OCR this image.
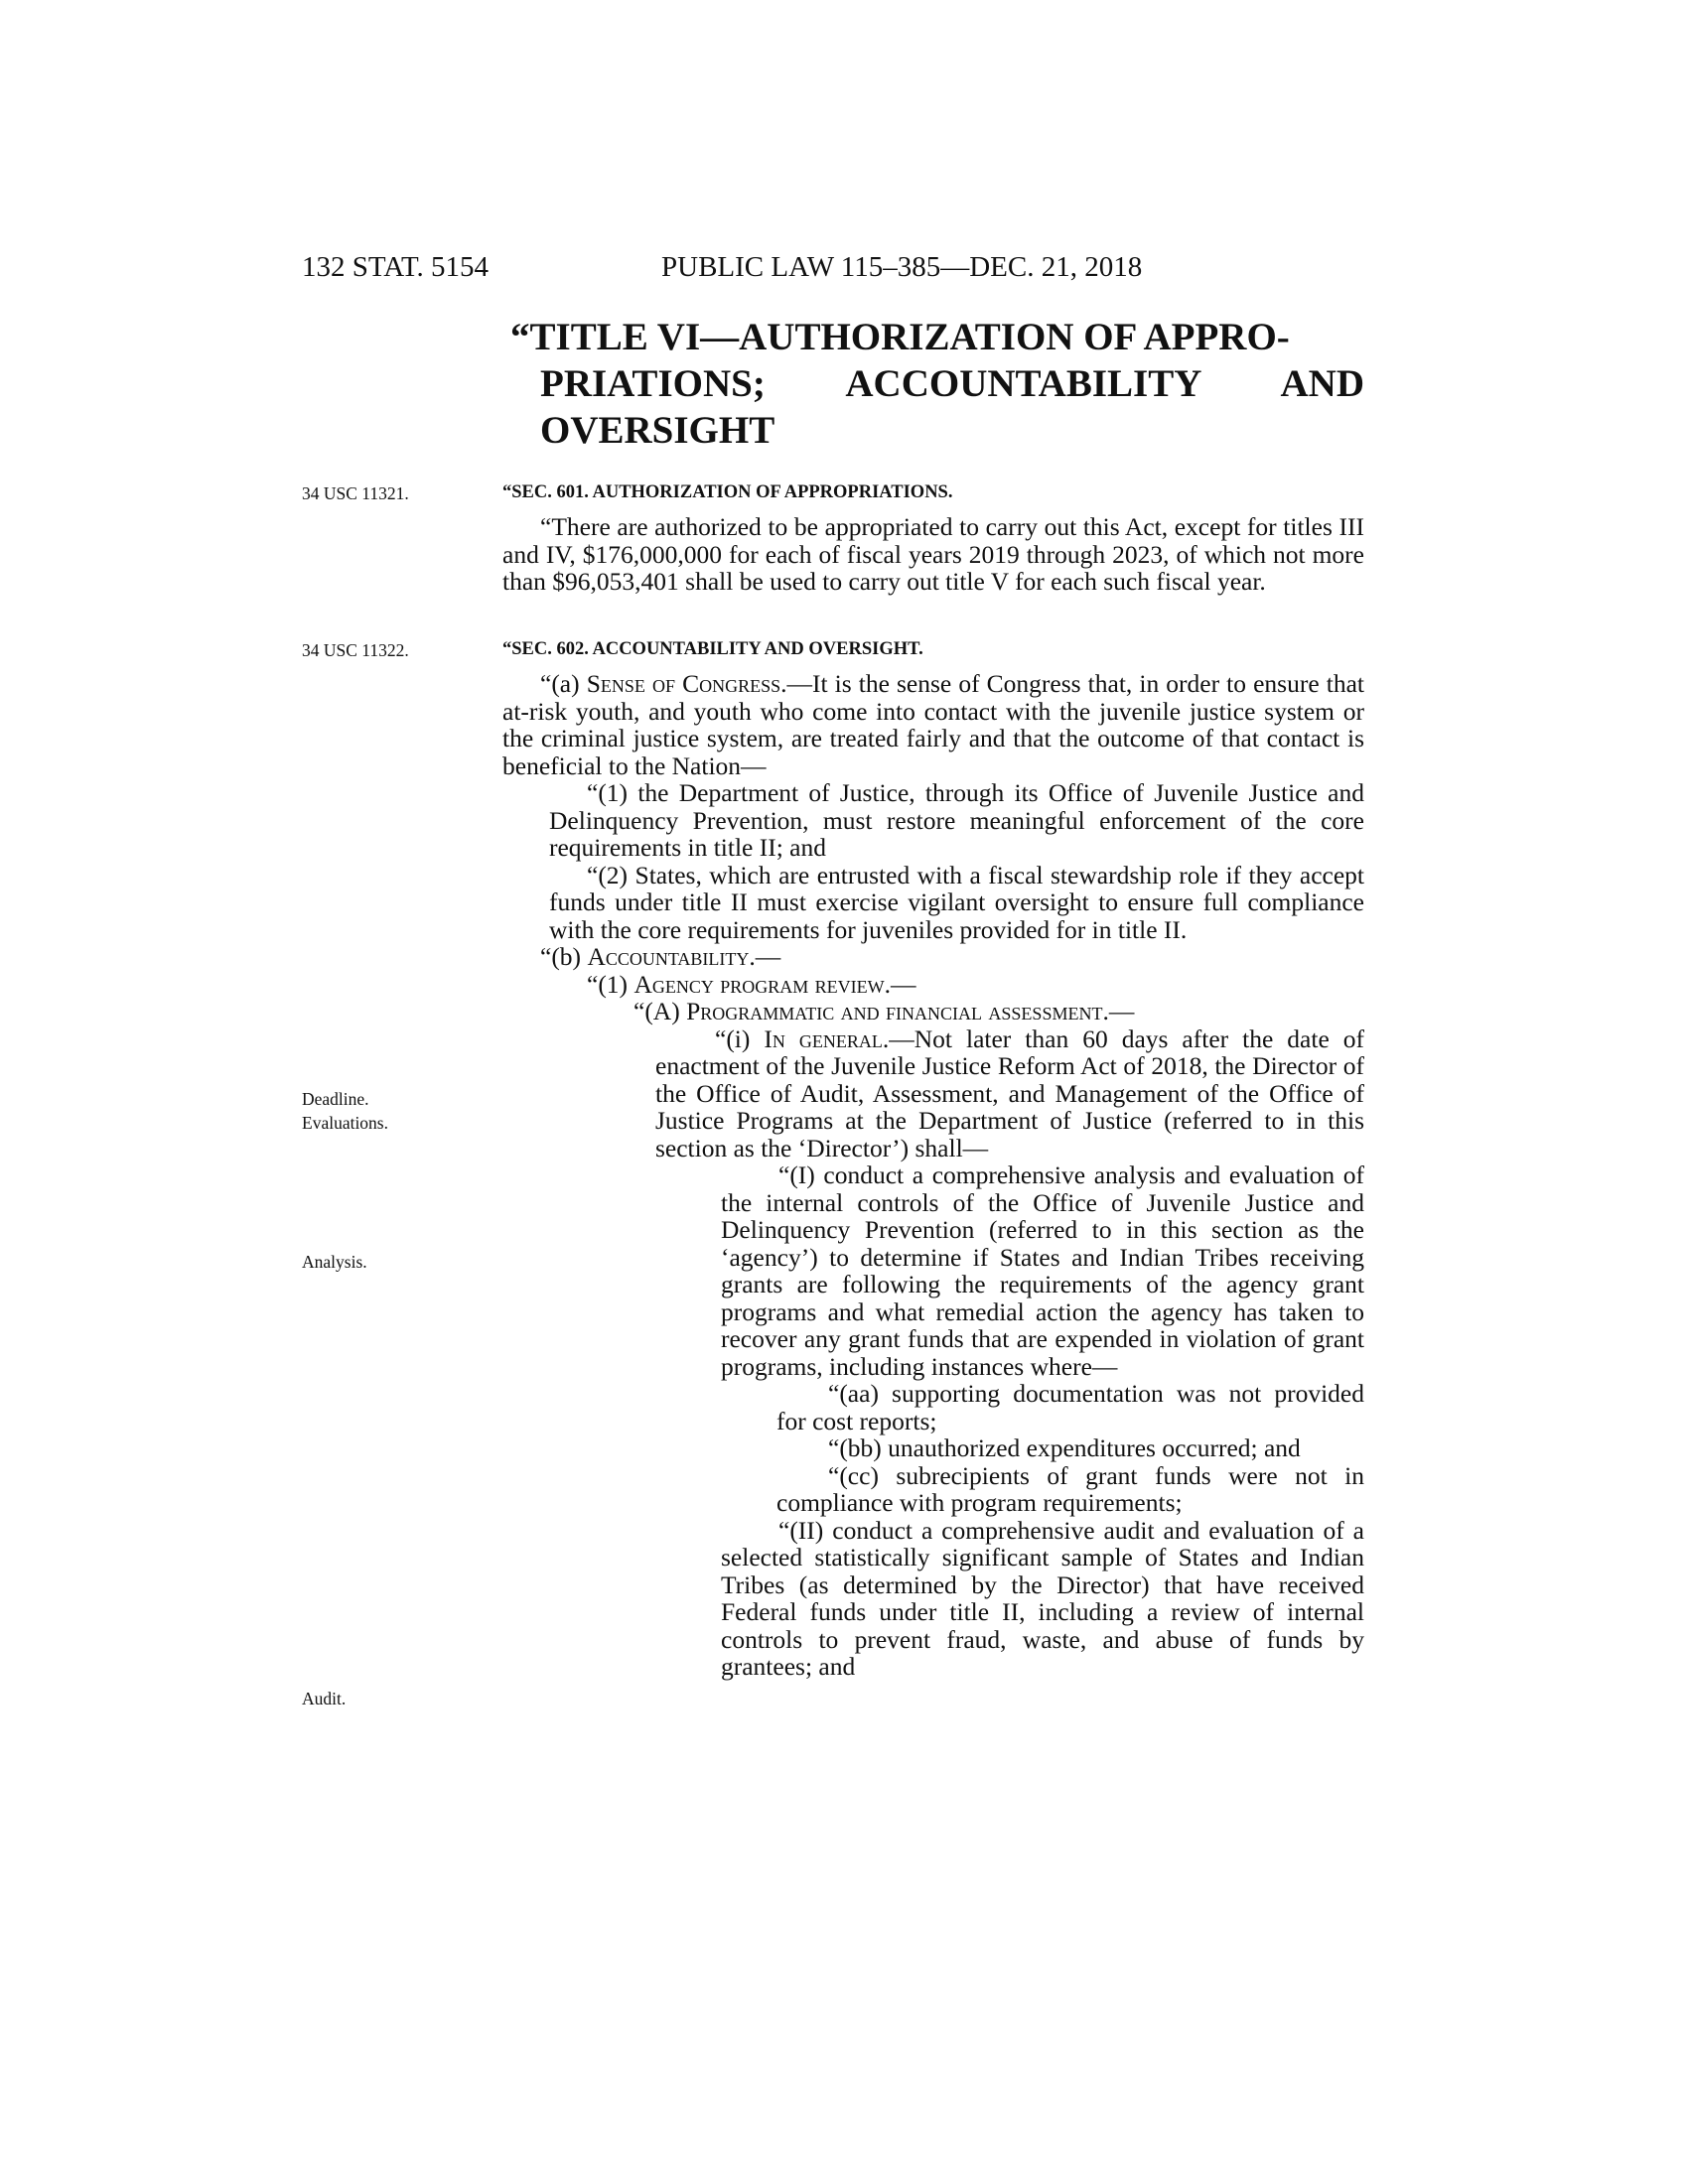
132 STAT. 5154	PUBLIC LAW 115–385—DEC. 21, 2018
“TITLE VI—AUTHORIZATION OF APPRO-
PRIATIONS; ACCOUNTABILITY AND OVERSIGHT
34 USC 11321.
34 USC 11322.
Deadline.
Evaluations.
Analysis.
Audit.
“SEC. 601. AUTHORIZATION OF APPROPRIATIONS.

“There are authorized to be appropriated to carry out this Act, except for titles III and IV, $176,000,000 for each of fiscal years 2019 through 2023, of which not more than $96,053,401 shall be used to carry out title V for each such fiscal year.

“SEC. 602. ACCOUNTABILITY AND OVERSIGHT.

“(a) Sense of Congress.—It is the sense of Congress that, in order to ensure that at-risk youth, and youth who come into contact with the juvenile justice system or the criminal justice system, are treated fairly and that the outcome of that contact is beneficial to the Nation—

“(1) the Department of Justice, through its Office of Juvenile Justice and Delinquency Prevention, must restore meaningful enforcement of the core requirements in title II; and

“(2) States, which are entrusted with a fiscal stewardship role if they accept funds under title II must exercise vigilant oversight to ensure full compliance with the core requirements for juveniles provided for in title II.

“(b) Accountability.—

“(1) Agency program review.—

“(A) Programmatic and financial assessment.—

“(i) In general.—Not later than 60 days after the date of enactment of the Juvenile Justice Reform Act of 2018, the Director of the Office of Audit, Assessment, and Management of the Office of Justice Programs at the Department of Justice (referred to in this section as the ‘Director’) shall—

“(I) conduct a comprehensive analysis and evaluation of the internal controls of the Office of Juvenile Justice and Delinquency Prevention (referred to in this section as the ‘agency’) to determine if States and Indian Tribes receiving grants are following the requirements of the agency grant programs and what remedial action the agency has taken to recover any grant funds that are expended in violation of grant programs, including instances where—

“(aa) supporting documentation was not provided for cost reports;

“(bb) unauthorized expenditures occurred; and

“(cc) subrecipients of grant funds were not in compliance with program requirements;

“(II) conduct a comprehensive audit and evaluation of a selected statistically significant sample of States and Indian Tribes (as determined by the Director) that have received Federal funds under title II, including a review of internal controls to prevent fraud, waste, and abuse of funds by grantees; and
